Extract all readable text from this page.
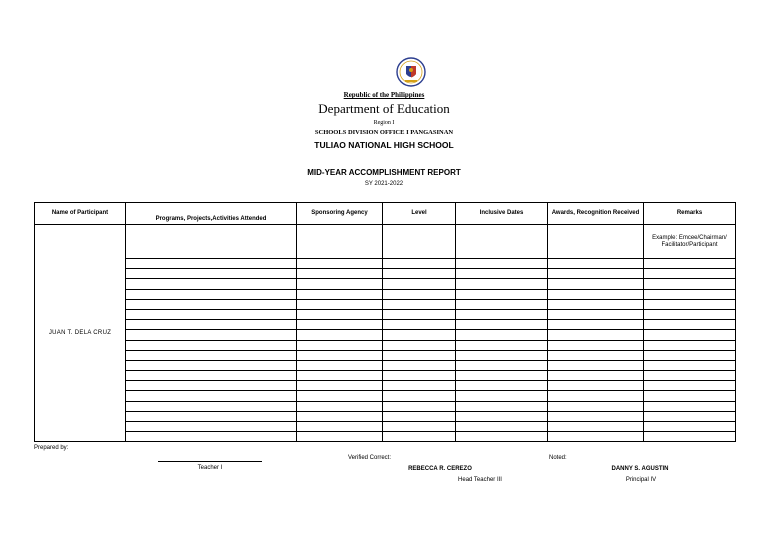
Republic of the Philippines
Department of Education
Region I
SCHOOLS DIVISION OFFICE I PANGASINAN
TULIAO NATIONAL HIGH SCHOOL
MID-YEAR ACCOMPLISHMENT REPORT
SY 2021-2022
Name of Participant	Programs, Projects,Activities Attended	Sponsoring Agency	Level	Inclusive Dates	Awards, Recognition Received	Remarks
JUAN T. DELA CRUZ						Example: Emcee/Chairman/ Facilitator/Participant

Prepared by:
Teacher I
Verified Correct:
REBECCA R. CEREZO
Head Teacher III
Noted:
DANNY S. AGUSTIN
Principal IV
